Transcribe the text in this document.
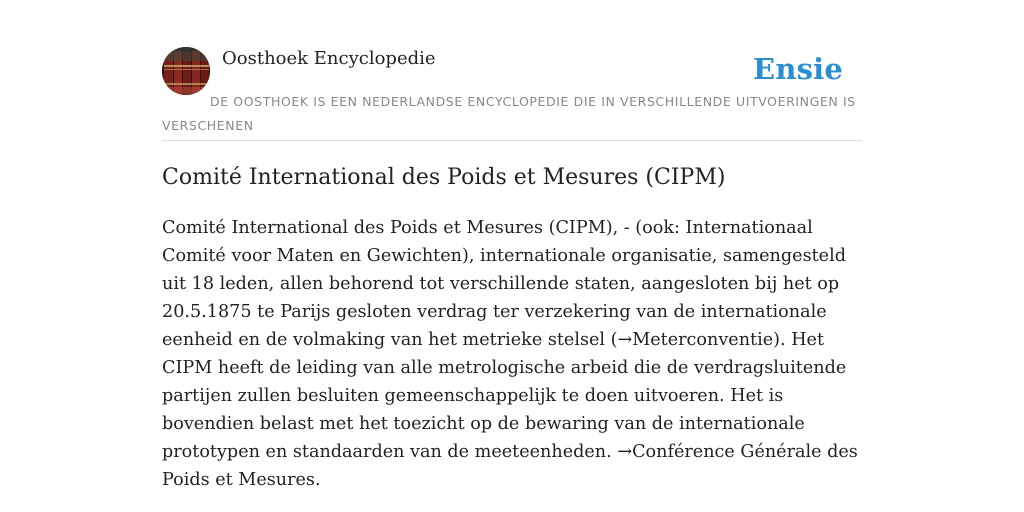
Oosthoek Encyclopedie	Ensie
DE OOSTHOEK IS EEN NEDERLANDSE ENCYCLOPEDIE DIE IN VERSCHILLENDE UITVOERINGEN IS VERSCHENEN
Comité International des Poids et Mesures (CIPM)

Comité International des Poids et Mesures (CIPM), - (ook: Internationaal Comité voor Maten en Gewichten), internationale organisatie, samengesteld uit 18 leden, allen behorend tot verschillende staten, aangesloten bij het op 20.5.1875 te Parijs gesloten verdrag ter verzekering van de internationale eenheid en de volmaking van het metrieke stelsel (→Meterconventie). Het CIPM heeft de leiding van alle metrologische arbeid die de verdragsluitende partijen zullen besluiten gemeenschappelijk te doen uitvoeren. Het is bovendien belast met het toezicht op de bewaring van de internationale prototypen en standaarden van de meeteenheden. →Conférence Générale des Poids et Mesures.
